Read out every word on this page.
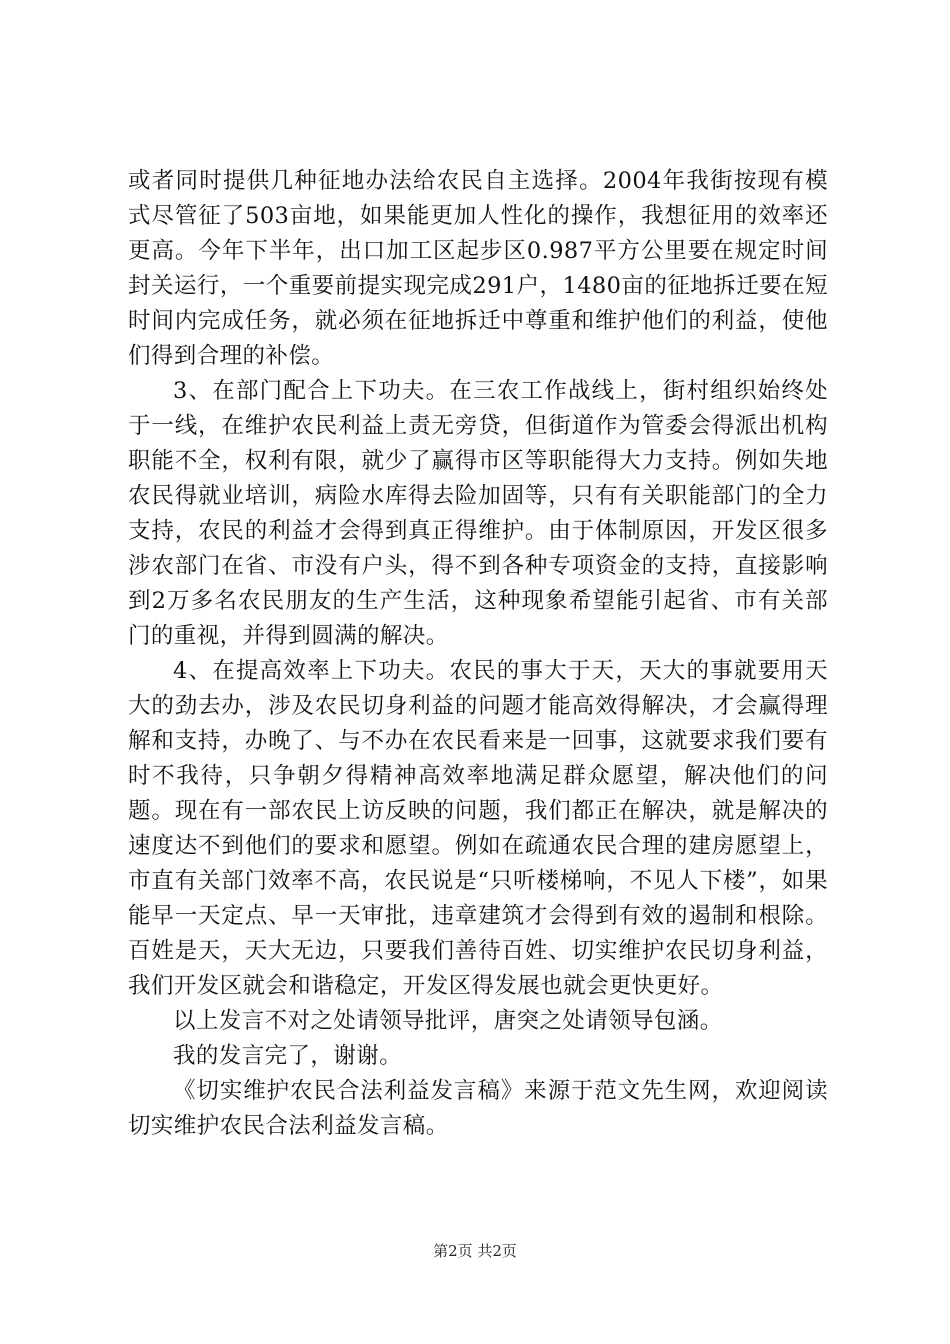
或者同时提供几种征地办法给农民自主选择。2004年我街按现有模式尽管征了503亩地，如果能更加人性化的操作，我想征用的效率还更高。今年下半年，出口加工区起步区0.987平方公里要在规定时间封关运行，一个重要前提实现完成291户，1480亩的征地拆迁要在短时间内完成任务，就必须在征地拆迁中尊重和维护他们的利益，使他们得到合理的补偿。

3、在部门配合上下功夫。在三农工作战线上，街村组织始终处于一线，在维护农民利益上责无旁贷，但街道作为管委会得派出机构职能不全，权利有限，就少了赢得市区等职能得大力支持。例如失地农民得就业培训，病险水库得去险加固等，只有有关职能部门的全力支持，农民的利益才会得到真正得维护。由于体制原因，开发区很多涉农部门在省、市没有户头，得不到各种专项资金的支持，直接影响到2万多名农民朋友的生产生活，这种现象希望能引起省、市有关部门的重视，并得到圆满的解决。

4、在提高效率上下功夫。农民的事大于天，天大的事就要用天大的劲去办，涉及农民切身利益的问题才能高效得解决，才会赢得理解和支持，办晚了、与不办在农民看来是一回事，这就要求我们要有时不我待，只争朝夕得精神高效率地满足群众愿望，解决他们的问题。现在有一部农民上访反映的问题，我们都正在解决，就是解决的速度达不到他们的要求和愿望。例如在疏通农民合理的建房愿望上，市直有关部门效率不高，农民说是“只听楼梯响，不见人下楼”，如果能早一天定点、早一天审批，违章建筑才会得到有效的遏制和根除。百姓是天，天大无边，只要我们善待百姓、切实维护农民切身利益，我们开发区就会和谐稳定，开发区得发展也就会更快更好。

以上发言不对之处请领导批评，唐突之处请领导包涵。

我的发言完了，谢谢。

《切实维护农民合法利益发言稿》来源于范文先生网，欢迎阅读切实维护农民合法利益发言稿。

第2页 共2页
